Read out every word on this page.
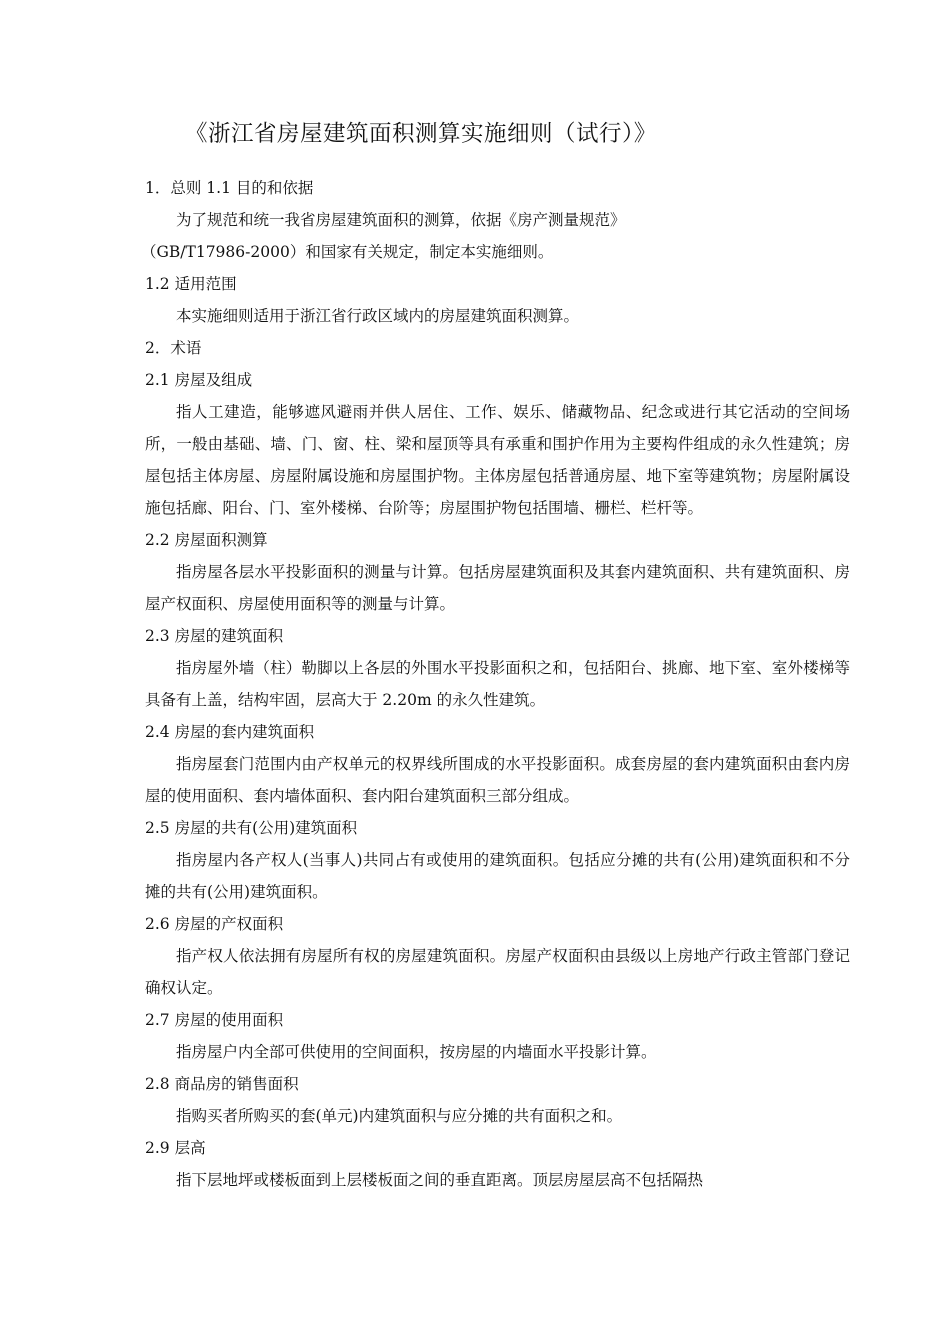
《浙江省房屋建筑面积测算实施细则（试行）》
1．总则 1.1 目的和依据
为了规范和统一我省房屋建筑面积的测算，依据《房产测量规范》
（GB/T17986-2000）和国家有关规定，制定本实施细则。
1.2 适用范围
本实施细则适用于浙江省行政区域内的房屋建筑面积测算。
2．术语
2.1 房屋及组成
指人工建造，能够遮风避雨并供人居住、工作、娱乐、储藏物品、纪念或进行其它活动的空间场所，一般由基础、墙、门、窗、柱、梁和屋顶等具有承重和围护作用为主要构件组成的永久性建筑；房屋包括主体房屋、房屋附属设施和房屋围护物。主体房屋包括普通房屋、地下室等建筑物；房屋附属设施包括廊、阳台、门、室外楼梯、台阶等；房屋围护物包括围墙、栅栏、栏杆等。
2.2 房屋面积测算
指房屋各层水平投影面积的测量与计算。包括房屋建筑面积及其套内建筑面积、共有建筑面积、房屋产权面积、房屋使用面积等的测量与计算。
2.3 房屋的建筑面积
指房屋外墙（柱）勒脚以上各层的外围水平投影面积之和，包括阳台、挑廊、地下室、室外楼梯等具备有上盖，结构牢固，层高大于 2.20m 的永久性建筑。
2.4 房屋的套内建筑面积
指房屋套门范围内由产权单元的权界线所围成的水平投影面积。成套房屋的套内建筑面积由套内房屋的使用面积、套内墙体面积、套内阳台建筑面积三部分组成。
2.5 房屋的共有(公用)建筑面积
指房屋内各产权人(当事人)共同占有或使用的建筑面积。包括应分摊的共有(公用)建筑面积和不分摊的共有(公用)建筑面积。
2.6 房屋的产权面积
指产权人依法拥有房屋所有权的房屋建筑面积。房屋产权面积由县级以上房地产行政主管部门登记确权认定。
2.7 房屋的使用面积
指房屋户内全部可供使用的空间面积，按房屋的内墙面水平投影计算。
2.8 商品房的销售面积
指购买者所购买的套(单元)内建筑面积与应分摊的共有面积之和。
2.9 层高
指下层地坪或楼板面到上层楼板面之间的垂直距离。顶层房屋层高不包括隔热
